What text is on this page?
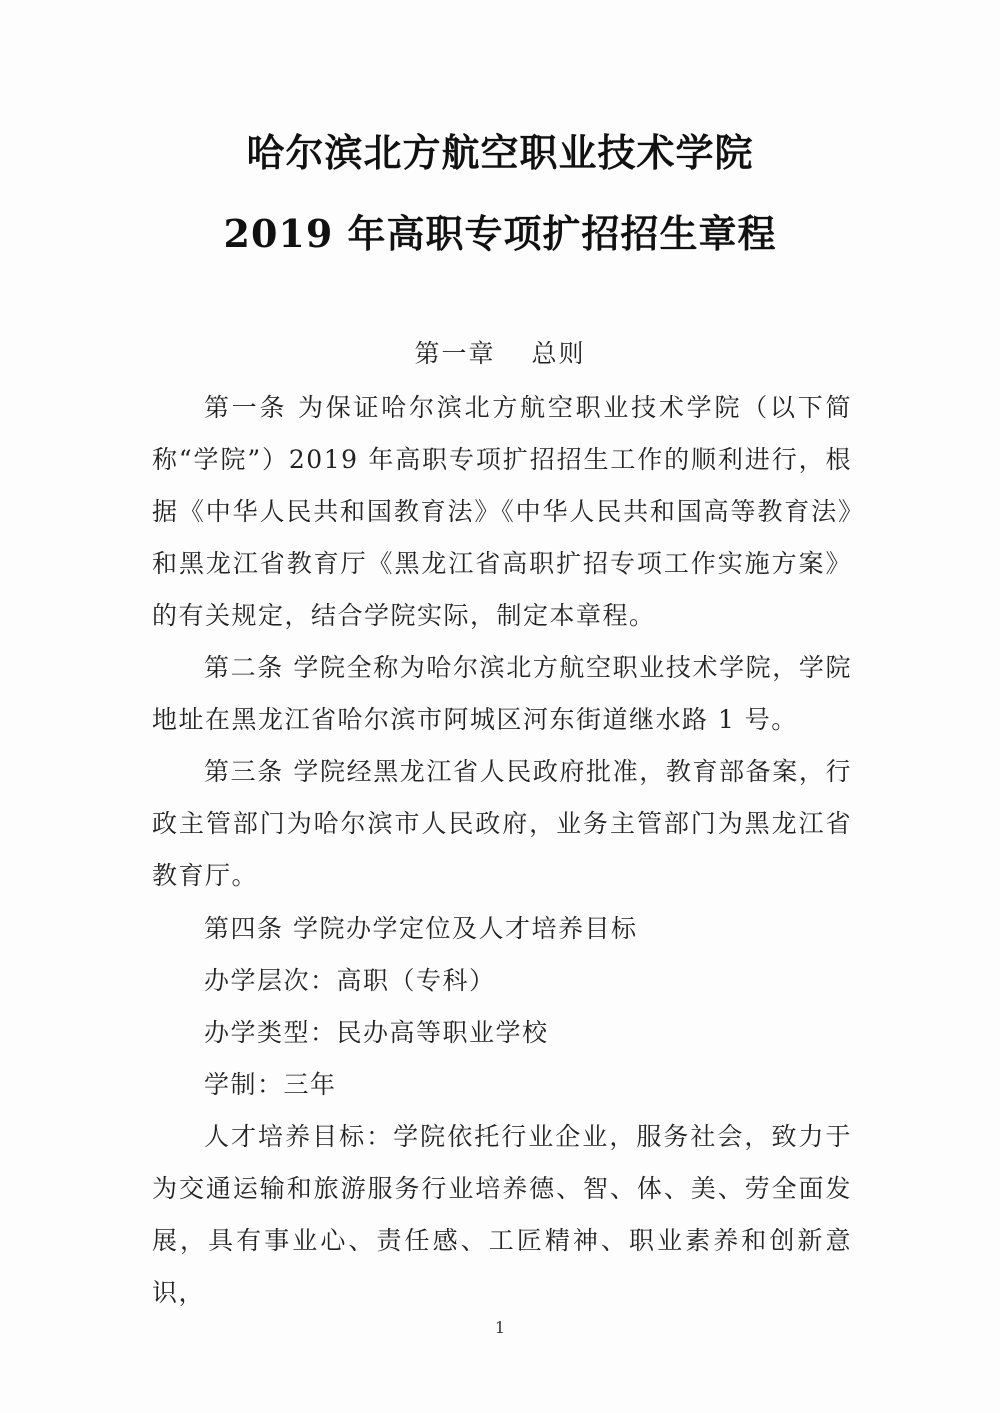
哈尔滨北方航空职业技术学院
2019 年高职专项扩招招生章程
第一章 总则

第一条 为保证哈尔滨北方航空职业技术学院（以下简称“学院”）2019 年高职专项扩招招生工作的顺利进行，根据《中华人民共和国教育法》《中华人民共和国高等教育法》和黑龙江省教育厅《黑龙江省高职扩招专项工作实施方案》的有关规定，结合学院实际，制定本章程。

第二条 学院全称为哈尔滨北方航空职业技术学院，学院地址在黑龙江省哈尔滨市阿城区河东街道继水路 1 号。

第三条 学院经黑龙江省人民政府批准，教育部备案，行政主管部门为哈尔滨市人民政府，业务主管部门为黑龙江省教育厅。

第四条 学院办学定位及人才培养目标

办学层次：高职（专科）

办学类型：民办高等职业学校

学制：三年

人才培养目标：学院依托行业企业，服务社会，致力于为交通运输和旅游服务行业培养德、智、体、美、劳全面发展，具有事业心、责任感、工匠精神、职业素养和创新意识，

1
